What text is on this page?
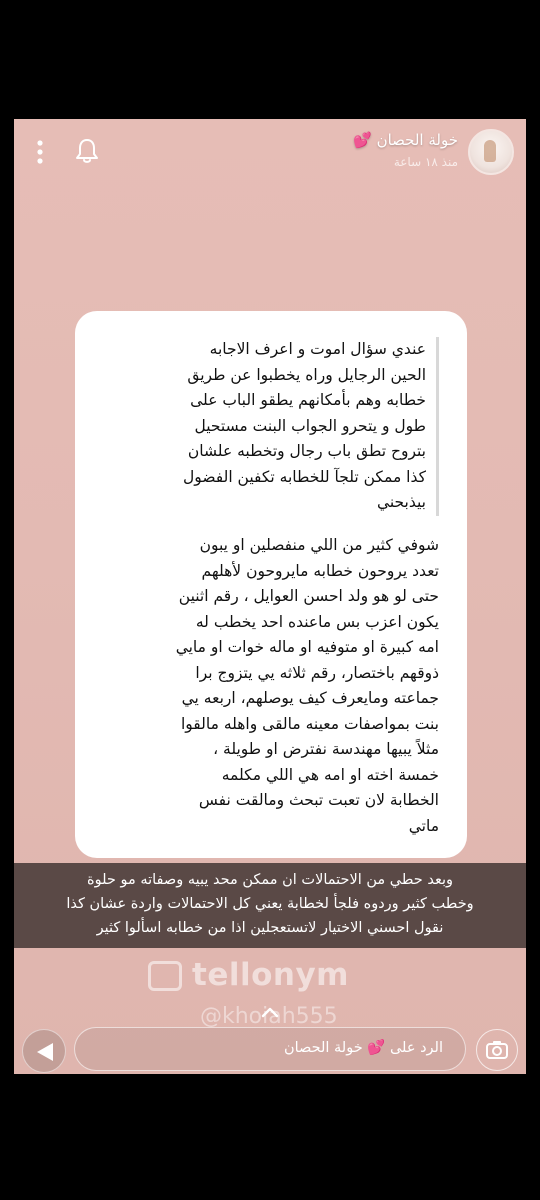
خولة الحصان 💕
منذ ١٨ ساعة
عندي سؤال اموت و اعرف الاجابه
الحين الرجايل وراه يخطبوا عن طريق
خطابه وهم بأمكانهم يطقو الباب على
طول و يتحرو الجواب البنت مستحيل
بتروح تطق باب رجال وتخطبه علشان
كذا ممكن تلجآ للخطابه تكفين الفضول
بيذبحني
شوفي كثير من اللي منفصلين او يبون
تعدد يروحون خطابه مايروحون لأهلهم
حتى لو هو ولد احسن العوايل ، رقم اثنين
يكون اعزب بس ماعنده احد يخطب له
امه كبيرة او متوفيه او ماله خوات او مايي
ذوقهم باختصار، رقم ثلاثه يي يتزوج برا
جماعته ومايعرف كيف يوصلهم، اربعه يي
بنت بمواصفات معينه مالقى واهله مالقوا
مثلاً يبيها مهندسة نفترض او طويلة ،
خمسة اخته او امه هي اللي مكلمه
الخطابة لان تعبت تبحث ومالقت نفس
ماتي
وبعد حطي من الاحتمالات ان ممكن محد يبيه وصفاته مو حلوة
وخطب كثير وردوه فلجأ لخطابة يعني كل الاحتمالات واردة عشان كذا
نقول احسني الاختيار لاتستعجلين اذا من خطابه اسألوا كثير
tellonym
@khoiah555
الرد على 💕 خولة الحصان
